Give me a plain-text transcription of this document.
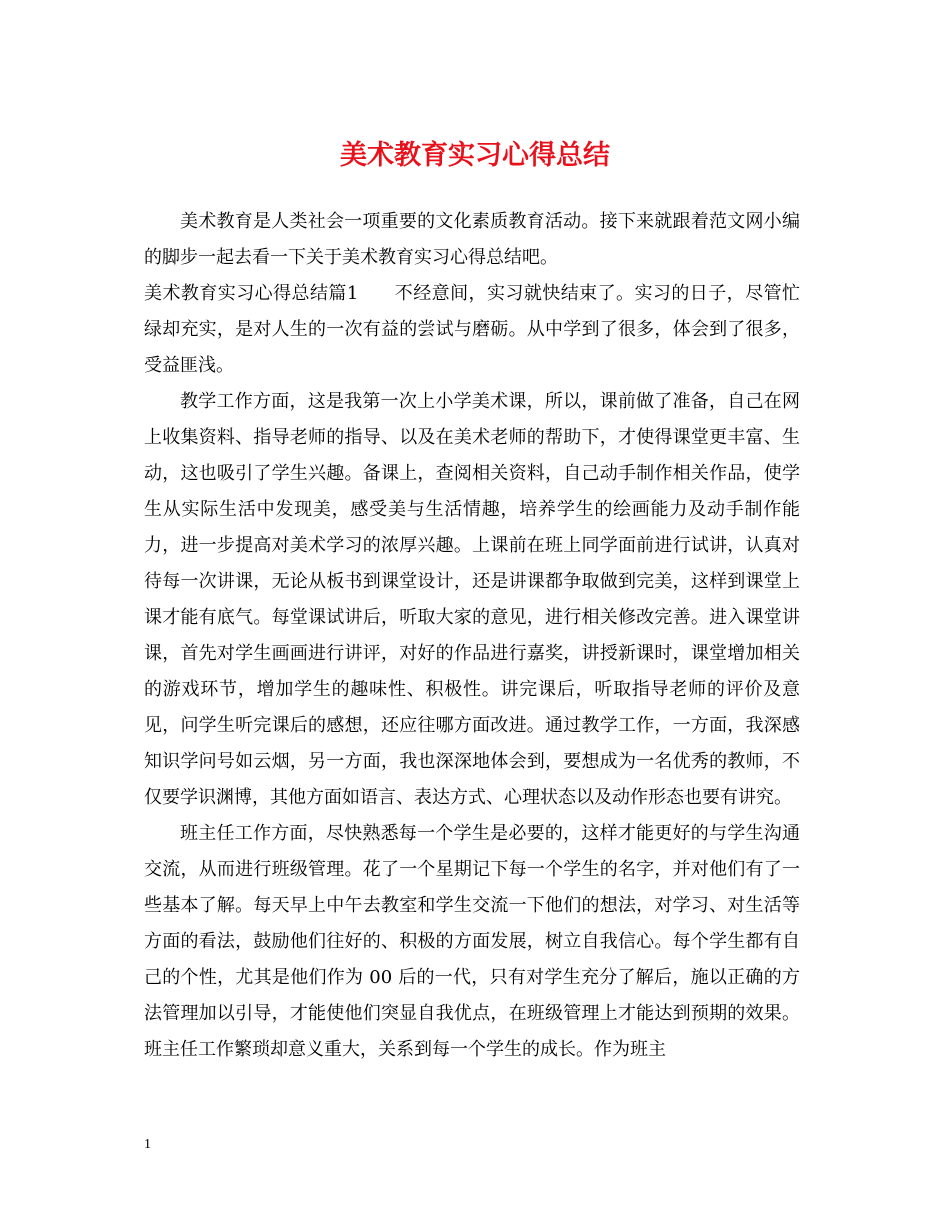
美术教育实习心得总结

美术教育是人类社会一项重要的文化素质教育活动。接下来就跟着范文网小编的脚步一起去看一下关于美术教育实习心得总结吧。

美术教育实习心得总结篇1 不经意间，实习就快结束了。实习的日子，尽管忙绿却充实，是对人生的一次有益的尝试与磨砺。从中学到了很多，体会到了很多，受益匪浅。

教学工作方面，这是我第一次上小学美术课，所以，课前做了准备，自己在网上收集资料、指导老师的指导、以及在美术老师的帮助下，才使得课堂更丰富、生动，这也吸引了学生兴趣。备课上，查阅相关资料，自己动手制作相关作品，使学生从实际生活中发现美，感受美与生活情趣，培养学生的绘画能力及动手制作能力，进一步提高对美术学习的浓厚兴趣。上课前在班上同学面前进行试讲，认真对待每一次讲课，无论从板书到课堂设计，还是讲课都争取做到完美，这样到课堂上课才能有底气。每堂课试讲后，听取大家的意见，进行相关修改完善。进入课堂讲课，首先对学生画画进行讲评，对好的作品进行嘉奖，讲授新课时，课堂增加相关的游戏环节，增加学生的趣味性、积极性。讲完课后，听取指导老师的评价及意见，问学生听完课后的感想，还应往哪方面改进。通过教学工作，一方面，我深感知识学问号如云烟，另一方面，我也深深地体会到，要想成为一名优秀的教师，不仅要学识渊博，其他方面如语言、表达方式、心理状态以及动作形态也要有讲究。

班主任工作方面，尽快熟悉每一个学生是必要的，这样才能更好的与学生沟通交流，从而进行班级管理。花了一个星期记下每一个学生的名字，并对他们有了一些基本了解。每天早上中午去教室和学生交流一下他们的想法，对学习、对生活等方面的看法，鼓励他们往好的、积极的方面发展，树立自我信心。每个学生都有自己的个性，尤其是他们作为 00 后的一代，只有对学生充分了解后，施以正确的方法管理加以引导，才能使他们突显自我优点，在班级管理上才能达到预期的效果。班主任工作繁琐却意义重大，关系到每一个学生的成长。作为班主

1
